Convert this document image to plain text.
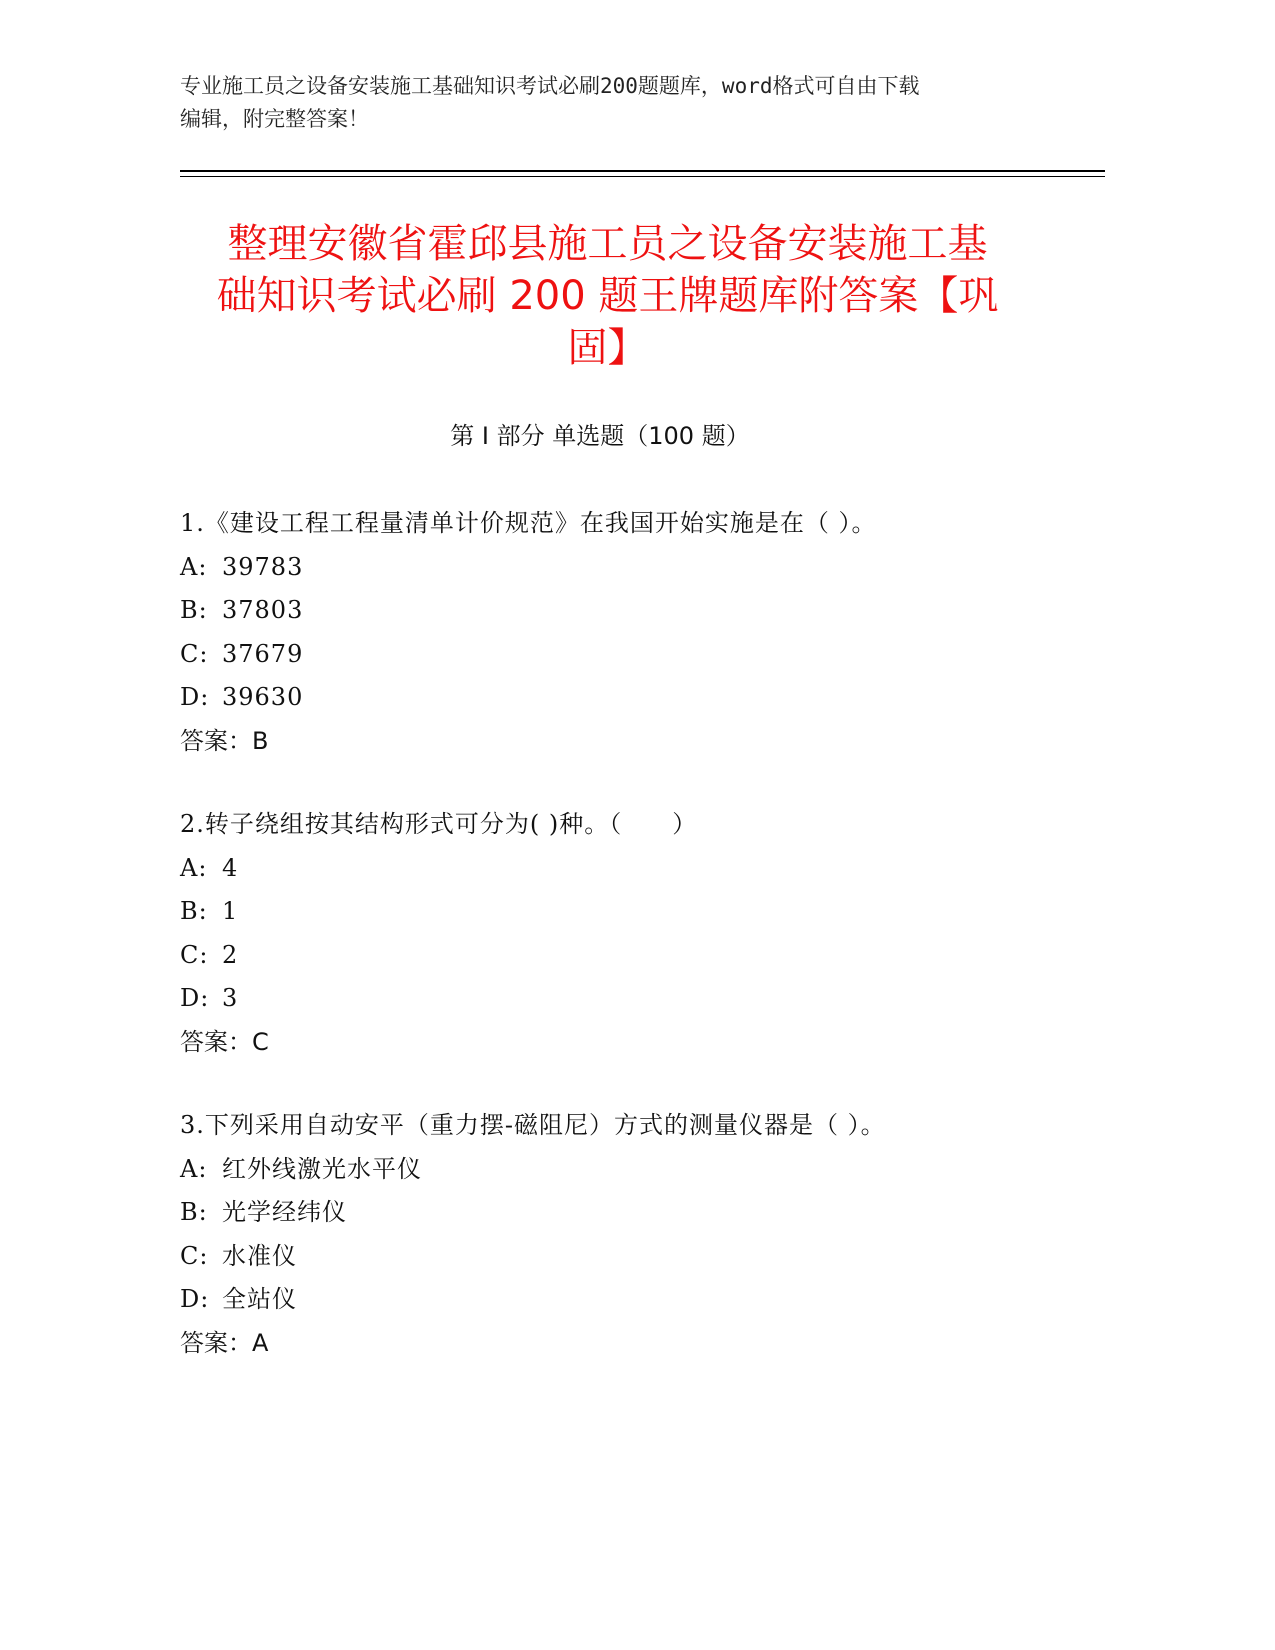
专业施工员之设备安装施工基础知识考试必刷200题题库，word格式可自由下载
编辑，附完整答案！
整理安徽省霍邱县施工员之设备安装施工基
础知识考试必刷 200 题王牌题库附答案【巩
固】
第 I 部分 单选题（100 题）
1.《建设工程工程量清单计价规范》在我国开始实施是在（ ）。
A: 39783
B: 37803
C: 37679
D: 39630
答案：B
2.转子绕组按其结构形式可分为( )种。（　　）
A: 4
B: 1
C: 2
D: 3
答案：C
3.下列采用自动安平（重力摆-磁阻尼）方式的测量仪器是（ ）。
A: 红外线激光水平仪
B: 光学经纬仪
C: 水准仪
D: 全站仪
答案：A
